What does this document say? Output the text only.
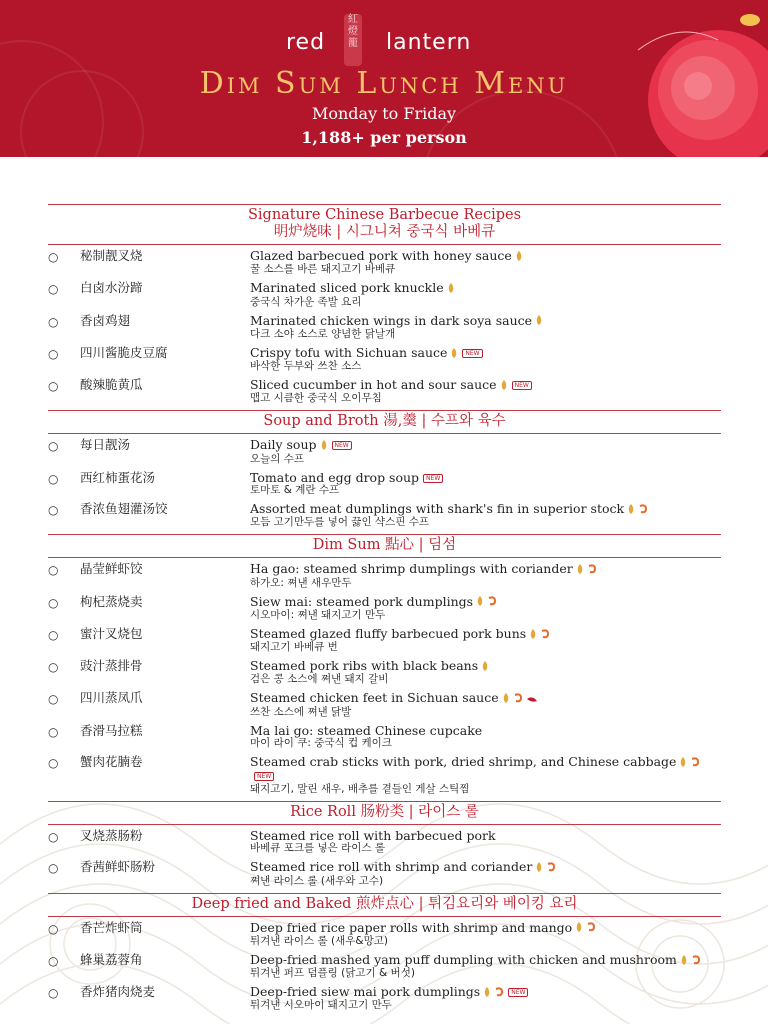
紅
燈
籠
red	lantern
Dim Sum Lunch Menu
Monday to Friday
1,188+ per person
Signature Chinese Barbecue Recipes
明炉烧味 | 시그니쳐 중국식 바베큐
○	秘制靓叉烧	Glazed barbecued pork with honey sauce
꿀 소스를 바른 돼지고기 바베큐
○	白卤水汾蹄	Marinated sliced pork knuckle
중국식 차가운 족발 요리
○	香卤鸡翅	Marinated chicken wings in dark soya sauce
다크 소야 소스로 양념한 닭날개
○	四川酱脆皮豆腐	Crispy tofu with Sichuan sauce	NEW
바삭한 두부와 쓰찬 소스
○	酸辣脆黄瓜	Sliced cucumber in hot and sour sauce	NEW
맵고 시큼한 중국식 오이무침
Soup and Broth 湯,羹 | 수프와 육수
○	每日靓汤	Daily soup	NEW
오늘의 수프
○	西红柿蛋花汤	Tomato and egg drop soup NEW
토마토 & 계란 수프
○	香浓鱼翅灌汤饺	Assorted meat dumplings with shark's fin in superior stock
모듬 고기만두를 넣어 끓인 샥스핀 수프
Dim Sum 點心 | 딤섬
○	晶莹鲜虾饺	Ha gao: steamed shrimp dumplings with coriander
하가오: 쪄낸 새우만두
○	枸杞蒸烧卖	Siew mai: steamed pork dumplings
시오마이: 쪄낸 돼지고기 만두
○	蜜汁叉烧包	Steamed glazed fluffy barbecued pork buns
돼지고기 바베큐 번
○	豉汁蒸排骨	Steamed pork ribs with black beans
검은 콩 소스에 쪄낸 돼지 갈비
○	四川蒸凤爪	Steamed chicken feet in Sichuan sauce
쓰찬 소스에 쪄낸 닭발
○	香滑马拉糕	Ma lai go: steamed Chinese cupcake
마이 라이 쿠: 중국식 컵 케이크
○	蟹肉花腩卷	Steamed crab sticks with pork, dried shrimp, and Chinese cabbageNEW
돼지고기, 말린 새우, 배추를 곁들인 게살 스틱찜
Rice Roll 肠粉类 | 라이스 롤
○	叉烧蒸肠粉	Steamed rice roll with barbecued pork
바베큐 포크를 넣은 라이스 롤
○	香茜鲜虾肠粉	Steamed rice roll with shrimp and coriander
쪄낸 라이스 롤 (새우와 고수)
Deep fried and Baked 煎炸点心 | 튀김요리와 베이킹 요리
○	香芒炸虾筒	Deep fried rice paper rolls with shrimp and mango
튀겨낸 라이스 롤 (새우&망고)
○	蜂巢荔蓉角	Deep-fried mashed yam puff dumpling with chicken and mushroom
튀겨낸 퍼프 덤플링 (닭고기 & 버섯)
○	香炸猪肉烧麦	Deep-fried siew mai pork dumplings	NEW
튀겨낸 시오마이 돼지고기 만두
